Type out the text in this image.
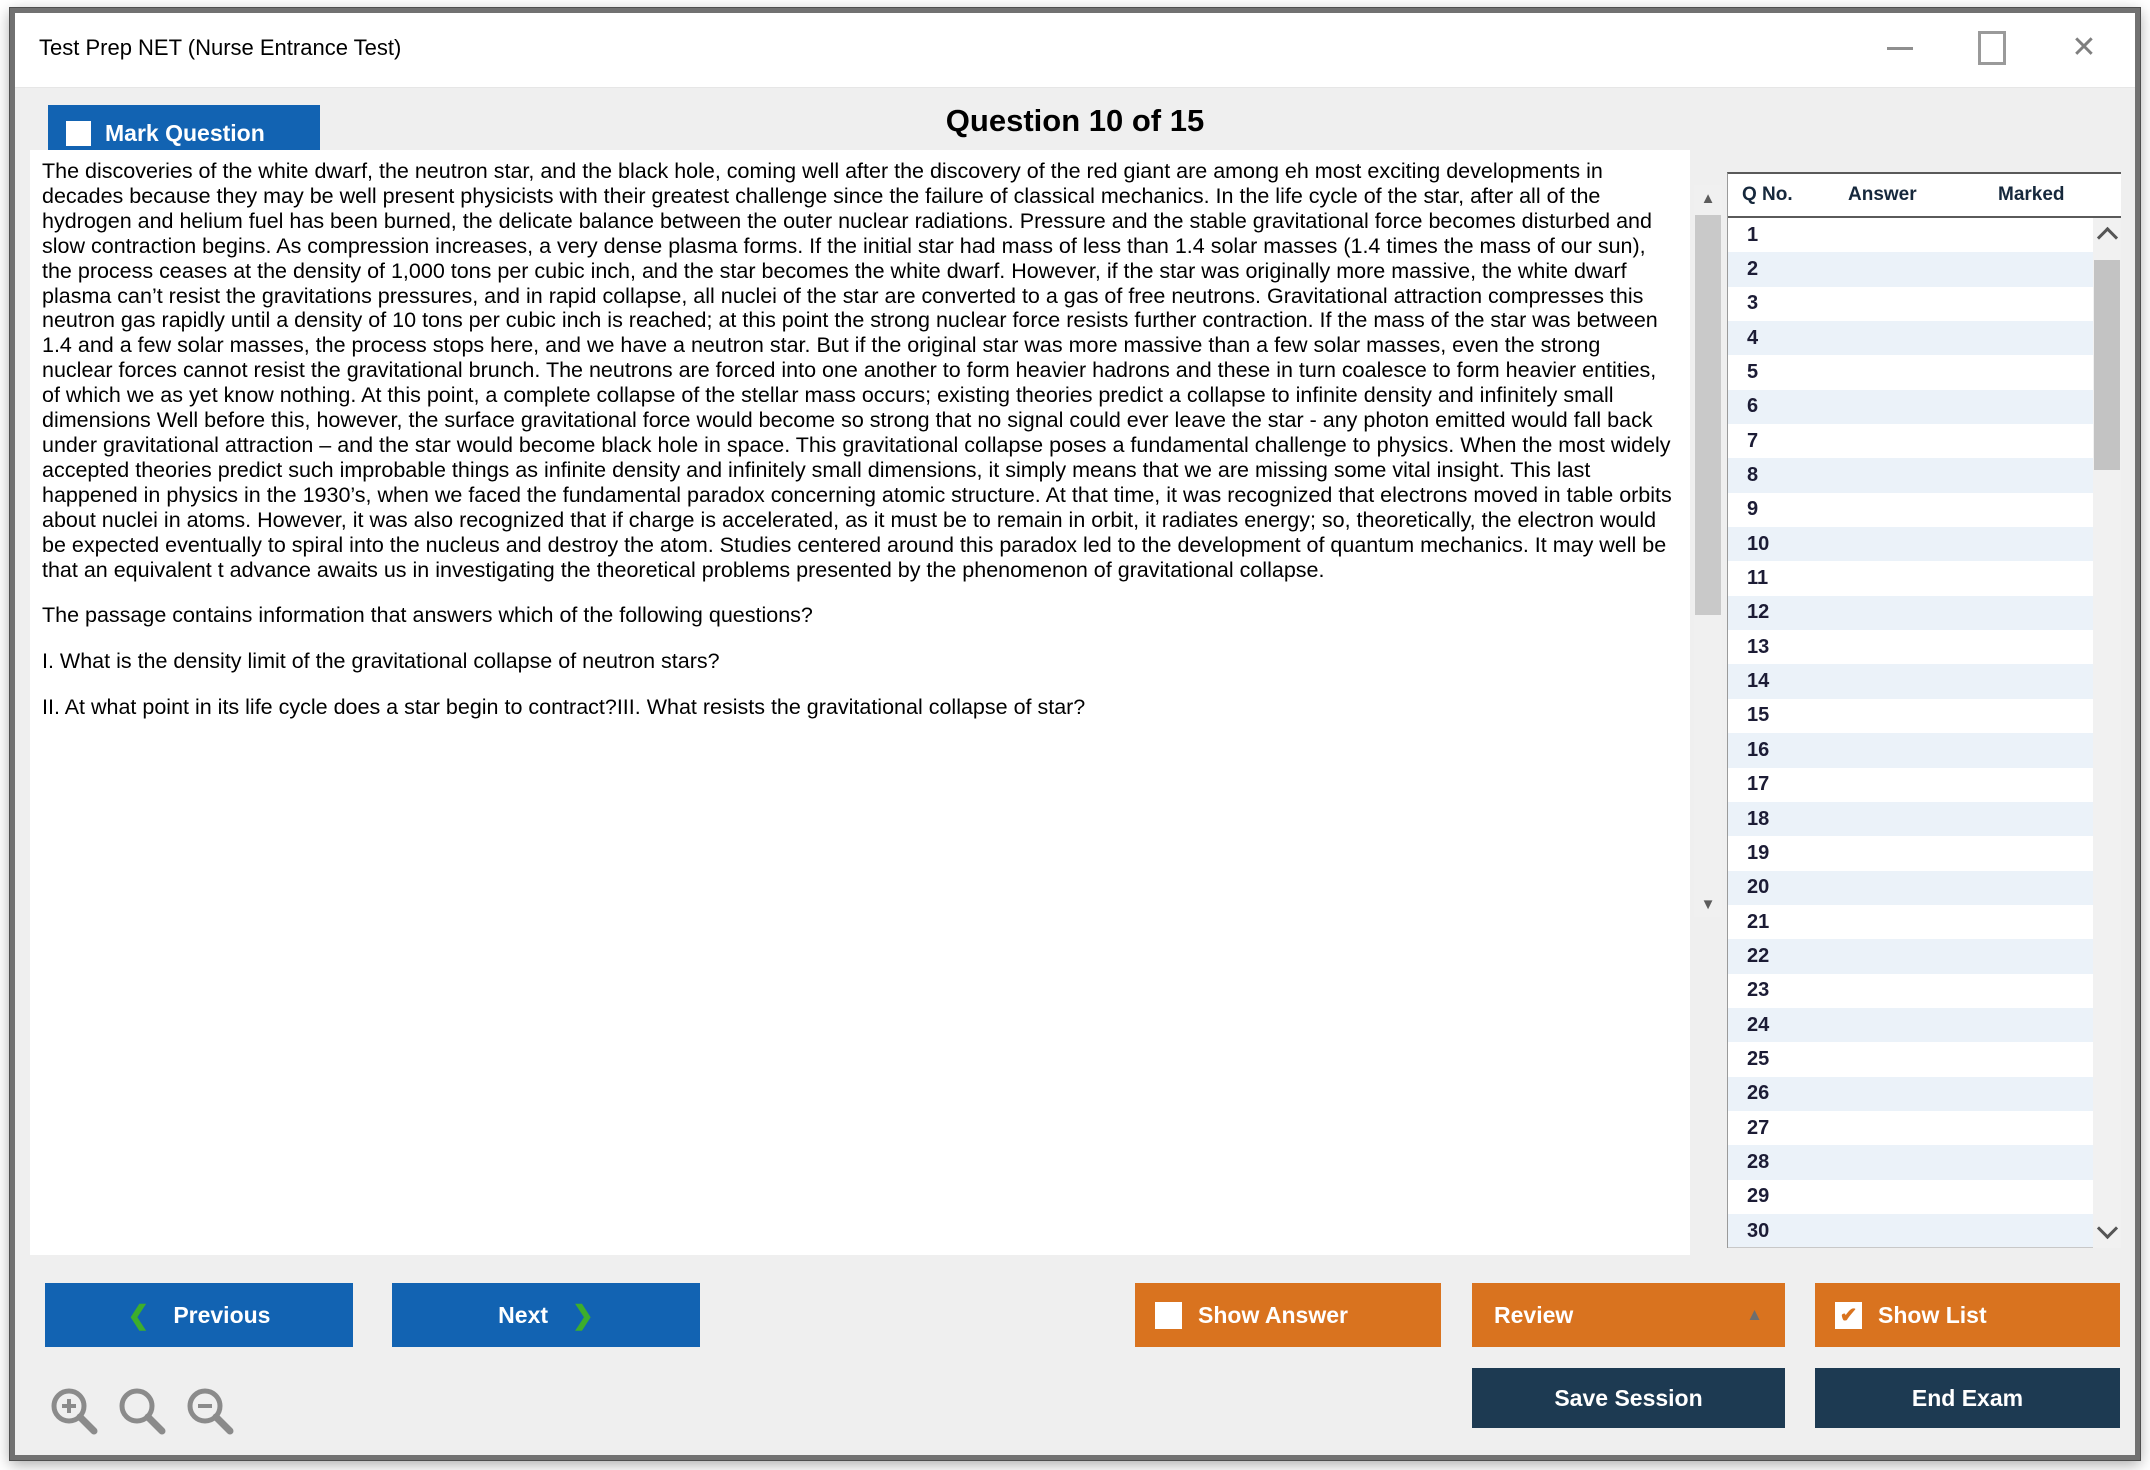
Test Prep NET (Nurse Entrance Test)	✕
Mark Question	Question 10 of 15

The discoveries of the white dwarf, the neutron star, and the black hole, coming well after the discovery of the red giant are among eh most exciting developments in decades because they may be well present physicists with their greatest challenge since the failure of classical mechanics. In the life cycle of the star, after all of the hydrogen and helium fuel has been burned, the delicate balance between the outer nuclear radiations. Pressure and the stable gravitational force becomes disturbed and slow contraction begins. As compression increases, a very dense plasma forms. If the initial star had mass of less than 1.4 solar masses (1.4 times the mass of our sun), the process ceases at the density of 1,000 tons per cubic inch, and the star becomes the white dwarf. However, if the star was originally more massive, the white dwarf plasma can’t resist the gravitations pressures, and in rapid collapse, all nuclei of the star are converted to a gas of free neutrons. Gravitational attraction compresses this neutron gas rapidly until a density of 10 tons per cubic inch is reached; at this point the strong nuclear force resists further contraction. If the mass of the star was between 1.4 and a few solar masses, the process stops here, and we have a neutron star. But if the original star was more massive than a few solar masses, even the strong nuclear forces cannot resist the gravitational brunch. The neutrons are forced into one another to form heavier hadrons and these in turn coalesce to form heavier entities, of which we as yet know nothing. At this point, a complete collapse of the stellar mass occurs; existing theories predict a collapse to infinite density and infinitely small dimensions Well before this, however, the surface gravitational force would become so strong that no signal could ever leave the star - any photon emitted would fall back under gravitational attraction – and the star would become black hole in space. This gravitational collapse poses a fundamental challenge to physics. When the most widely accepted theories predict such improbable things as infinite density and infinitely small dimensions, it simply means that we are missing some vital insight. This last happened in physics in the 1930’s, when we faced the fundamental paradox concerning atomic structure. At that time, it was recognized that electrons moved in table orbits about nuclei in atoms. However, it was also recognized that if charge is accelerated, as it must be to remain in orbit, it radiates energy; so, theoretically, the electron would be expected eventually to spiral into the nucleus and destroy the atom. Studies centered around this paradox led to the development of quantum mechanics. It may well be that an equivalent t advance awaits us in investigating the theoretical problems presented by the phenomenon of gravitational collapse.

The passage contains information that answers which of the following questions?

I. What is the density limit of the gravitational collapse of neutron stars?

II. At what point in its life cycle does a star begin to contract?III. What resists the gravitational collapse of star?

▲
▼
Q No.	Answer	Marked
1
2
3
4
5
6
7
8
9
10
11
12
13
14
15
16
17
18
19
20
21
22
23
24
25
26
27
28
29
30
❮ Previous	Next ❯	Show Answer	Review	▲	✔ Show List
Save Session	End Exam
